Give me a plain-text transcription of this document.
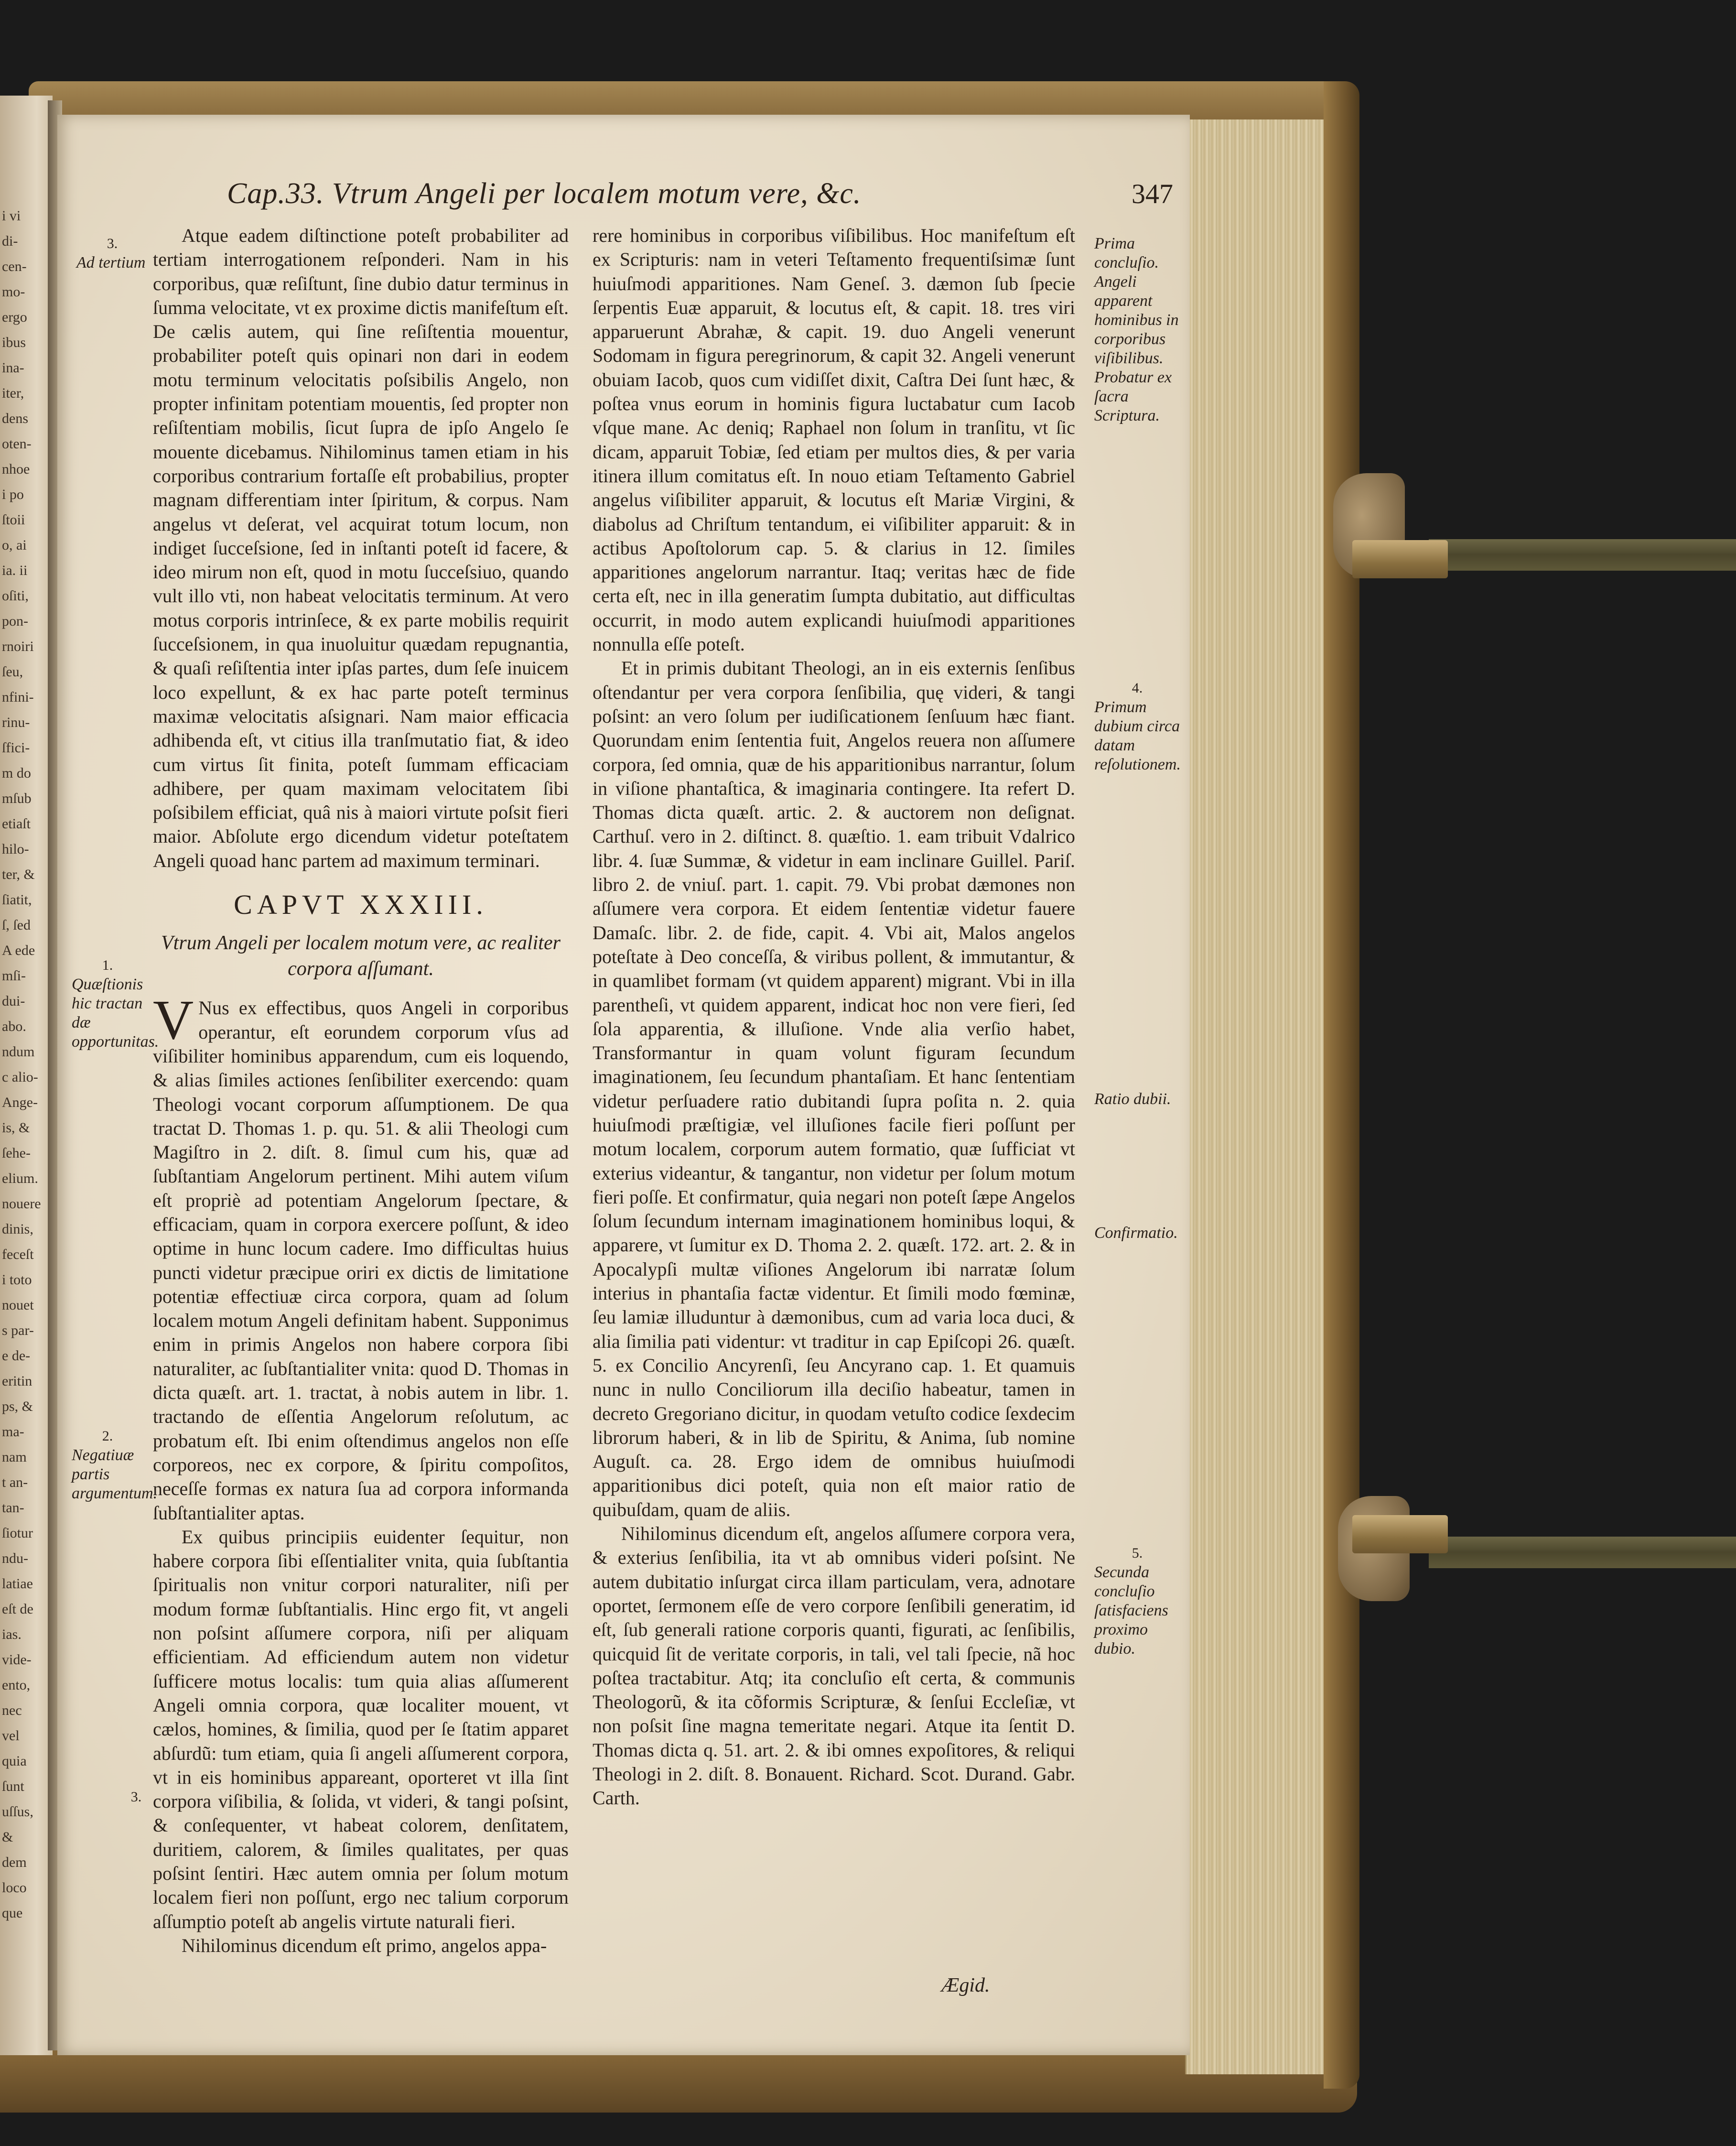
i vi
di-
cen-
mo-
ergo
ibus
ina-
iter,
dens
oten-
nhoe
i po
ſtoii
o, ai
ia. ii
oſiti,
pon-
rnoiri
ſeu,
nfini-
rinu-
ſfici-
m do
mſub
etiaſt
hilo-
ter, &
ſiatit,
ſ, ſed
A ede
mſi-
dui-
abo.
ndum
c alio-
Ange-
is, &
ſehe-
elium.
nouere
dinis,
feceſt
i toto
nouet
s par-
e de-
eritin
ps, &
ma-
nam
t an-
tan-
ſiotur
ndu-
latiae
eſt de
ias.
vide-
ento,
nec
vel
quia
ſunt
uſſus,
&
dem
loco
que
Cap.33. Vtrum Angeli per localem motum vere, &c.	347
3.
Ad tertium
1.
Quæſtionis hic tractan dæ opportunitas.
2.
Negatiuæ partis argumentum.
3.

Atque eadem diſtinctione poteſt probabiliter ad tertiam interrogationem reſponderi. Nam in his corporibus, quæ reſiſtunt, ſine dubio datur terminus in ſumma velocitate, vt ex proxime dictis manifeſtum eſt. De cælis autem, qui ſine reſiſtentia mouentur, probabiliter poteſt quis opinari non dari in eodem motu terminum velocitatis poſsibilis Angelo, non propter infinitam potentiam mouentis, ſed propter non reſiſtentiam mobilis, ſicut ſupra de ipſo Angelo ſe mouente dicebamus. Nihilominus tamen etiam in his corporibus contrarium fortaſſe eſt probabilius, propter magnam differentiam inter ſpiritum, & corpus. Nam angelus vt deſerat, vel acquirat totum locum, non indiget ſucceſsione, ſed in inſtanti poteſt id facere, & ideo mirum non eſt, quod in motu ſucceſsiuo, quando vult illo vti, non habeat velocitatis terminum. At vero motus corporis intrinſece, & ex parte mobilis requirit ſucceſsionem, in qua inuoluitur quædam repugnantia, & quaſi reſiſtentia inter ipſas partes, dum ſeſe inuicem loco expellunt, & ex hac parte poteſt terminus maximæ velocitatis aſsignari. Nam maior efficacia adhibenda eſt, vt citius illa tranſmutatio fiat, & ideo cum virtus ſit finita, poteſt ſummam efficaciam adhibere, per quam maximam velocitatem ſibi poſsibilem efficiat, quâ nis à maiori virtute poſsit fieri maior. Abſolute ergo dicendum videtur poteſtatem Angeli quoad hanc partem ad maximum terminari.

CAPVT XXXIII.
Vtrum Angeli per localem motum vere, ac realiter corpora aſſumant.

V Nus ex effectibus, quos Angeli in corporibus operantur, eſt eorundem corporum vſus ad viſibiliter hominibus apparendum, cum eis loquendo, & alias ſimiles actiones ſenſibiliter exercendo: quam Theologi vocant corporum aſſumptionem. De qua tractat D. Thomas 1. p. qu. 51. & alii Theologi cum Magiſtro in 2. diſt. 8. ſimul cum his, quæ ad ſubſtantiam Angelorum pertinent. Mihi autem viſum eſt propriè ad potentiam Angelorum ſpectare, & efficaciam, quam in corpora exercere poſſunt, & ideo optime in hunc locum cadere. Imo difficultas huius puncti videtur præcipue oriri ex dictis de limitatione potentiæ effectiuæ circa corpora, quam ad ſolum localem motum Angeli definitam habent. Supponimus enim in primis Angelos non habere corpora ſibi naturaliter, ac ſubſtantialiter vnita: quod D. Thomas in dicta quæſt. art. 1. tractat, à nobis autem in libr. 1. tractando de eſſentia Angelorum reſolutum, ac probatum eſt. Ibi enim oſtendimus angelos non eſſe corporeos, nec ex corpore, & ſpiritu compoſitos, neceſſe formas ex natura ſua ad corpora informanda ſubſtantialiter aptas.

Ex quibus principiis euidenter ſequitur, non habere corpora ſibi eſſentialiter vnita, quia ſubſtantia ſpiritualis non vnitur corpori naturaliter, niſi per modum formæ ſubſtantialis. Hinc ergo fit, vt angeli non poſsint aſſumere corpora, niſi per aliquam efficientiam. Ad efficiendum autem non videtur ſufficere motus localis: tum quia alias aſſumerent Angeli omnia corpora, quæ localiter mouent, vt cælos, homines, & ſimilia, quod per ſe ſtatim apparet abſurdũ: tum etiam, quia ſi angeli aſſumerent corpora, vt in eis hominibus appareant, oporteret vt illa ſint corpora viſibilia, & ſolida, vt videri, & tangi poſsint, & conſequenter, vt habeat colorem, denſitatem, duritiem, calorem, & ſimiles qualitates, per quas poſsint ſentiri. Hæc autem omnia per ſolum motum localem fieri non poſſunt, ergo nec talium corporum aſſumptio poteſt ab angelis virtute naturali fieri.

Nihilominus dicendum eſt primo, angelos appa-

rere hominibus in corporibus viſibilibus. Hoc manifeſtum eſt ex Scripturis: nam in veteri Teſtamento frequentiſsimæ ſunt huiuſmodi apparitiones. Nam Geneſ. 3. dæmon ſub ſpecie ſerpentis Euæ apparuit, & locutus eſt, & capit. 18. tres viri apparuerunt Abrahæ, & capit. 19. duo Angeli venerunt Sodomam in figura peregrinorum, & capit 32. Angeli venerunt obuiam Iacob, quos cum vidiſſet dixit, Caſtra Dei ſunt hæc, & poſtea vnus eorum in hominis figura luctabatur cum Iacob vſque mane. Ac deniq; Raphael non ſolum in tranſitu, vt ſic dicam, apparuit Tobiæ, ſed etiam per multos dies, & per varia itinera illum comitatus eſt. In nouo etiam Teſtamento Gabriel angelus viſibiliter apparuit, & locutus eſt Mariæ Virgini, & diabolus ad Chriſtum tentandum, ei viſibiliter apparuit: & in actibus Apoſtolorum cap. 5. & clarius in 12. ſimiles apparitiones angelorum narrantur. Itaq; veritas hæc de fide certa eſt, nec in illa generatim ſumpta dubitatio, aut difficultas occurrit, in modo autem explicandi huiuſmodi apparitiones nonnulla eſſe poteſt.

Et in primis dubitant Theologi, an in eis externis ſenſibus oſtendantur per vera corpora ſenſibilia, quę videri, & tangi poſsint: an vero ſolum per iudiſicationem ſenſuum hæc fiant. Quorundam enim ſententia fuit, Angelos reuera non aſſumere corpora, ſed omnia, quæ de his apparitionibus narrantur, ſolum in viſione phantaſtica, & imaginaria contingere. Ita refert D. Thomas dicta quæſt. artic. 2. & auctorem non deſignat. Carthuſ. vero in 2. diſtinct. 8. quæſtio. 1. eam tribuit Vdalrico libr. 4. ſuæ Summæ, & videtur in eam inclinare Guillel. Pariſ. libro 2. de vniuſ. part. 1. capit. 79. Vbi probat dæmones non aſſumere vera corpora. Et eidem ſententiæ videtur fauere Damaſc. libr. 2. de fide, capit. 4. Vbi ait, Malos angelos poteſtate à Deo conceſſa, & viribus pollent, & immutantur, & in quamlibet formam (vt quidem apparent) migrant. Vbi in illa parentheſi, vt quidem apparent, indicat hoc non vere fieri, ſed ſola apparentia, & illuſione. Vnde alia verſio habet, Transformantur in quam volunt figuram ſecundum imaginationem, ſeu ſecundum phantaſiam. Et hanc ſententiam videtur perſuadere ratio dubitandi ſupra poſita n. 2. quia huiuſmodi præſtigiæ, vel illuſiones facile fieri poſſunt per motum localem, corporum autem formatio, quæ ſufficiat vt exterius videantur, & tangantur, non videtur per ſolum motum fieri poſſe. Et confirmatur, quia negari non poteſt ſæpe Angelos ſolum ſecundum internam imaginationem hominibus loqui, & apparere, vt ſumitur ex D. Thoma 2. 2. quæſt. 172. art. 2. & in Apocalypſi multæ viſiones Angelorum ibi narratæ ſolum interius in phantaſia factæ videntur. Et ſimili modo fœminæ, ſeu lamiæ illuduntur à dæmonibus, cum ad varia loca duci, & alia ſimilia pati videntur: vt traditur in cap Epiſcopi 26. quæſt. 5. ex Concilio Ancyrenſi, ſeu Ancyrano cap. 1. Et quamuis nunc in nullo Conciliorum illa deciſio habeatur, tamen in decreto Gregoriano dicitur, in quodam vetuſto codice ſexdecim librorum haberi, & in lib de Spiritu, & Anima, ſub nomine Auguſt. ca. 28. Ergo idem de omnibus huiuſmodi apparitionibus dici poteſt, quia non eſt maior ratio de quibuſdam, quam de aliis.

Nihilominus dicendum eſt, angelos aſſumere corpora vera, & exterius ſenſibilia, ita vt ab omnibus videri poſsint. Ne autem dubitatio inſurgat circa illam particulam, vera, adnotare oportet, ſermonem eſſe de vero corpore ſenſibili generatim, id eſt, ſub generali ratione corporis quanti, figurati, ac ſenſibilis, quicquid ſit de veritate corporis, in tali, vel tali ſpecie, nã hoc poſtea tractabitur. Atq; ita concluſio eſt certa, & communis Theologorũ, & ita cõformis Scripturæ, & ſenſui Eccleſiæ, vt non poſsit ſine magna temeritate negari. Atque ita ſentit D. Thomas dicta q. 51. art. 2. & ibi omnes expoſitores, & reliqui Theologi in 2. diſt. 8. Bonauent. Richard. Scot. Durand. Gabr. Carth.

Ægid.
Prima concluſio. Angeli apparent hominibus in corporibus viſibilibus. Probatur ex ſacra Scriptura.
4.
Primum dubium circa datam reſolutionem.
Ratio dubii.
Confirmatio.
5.
Secunda concluſio ſatisfaciens proximo dubio.
